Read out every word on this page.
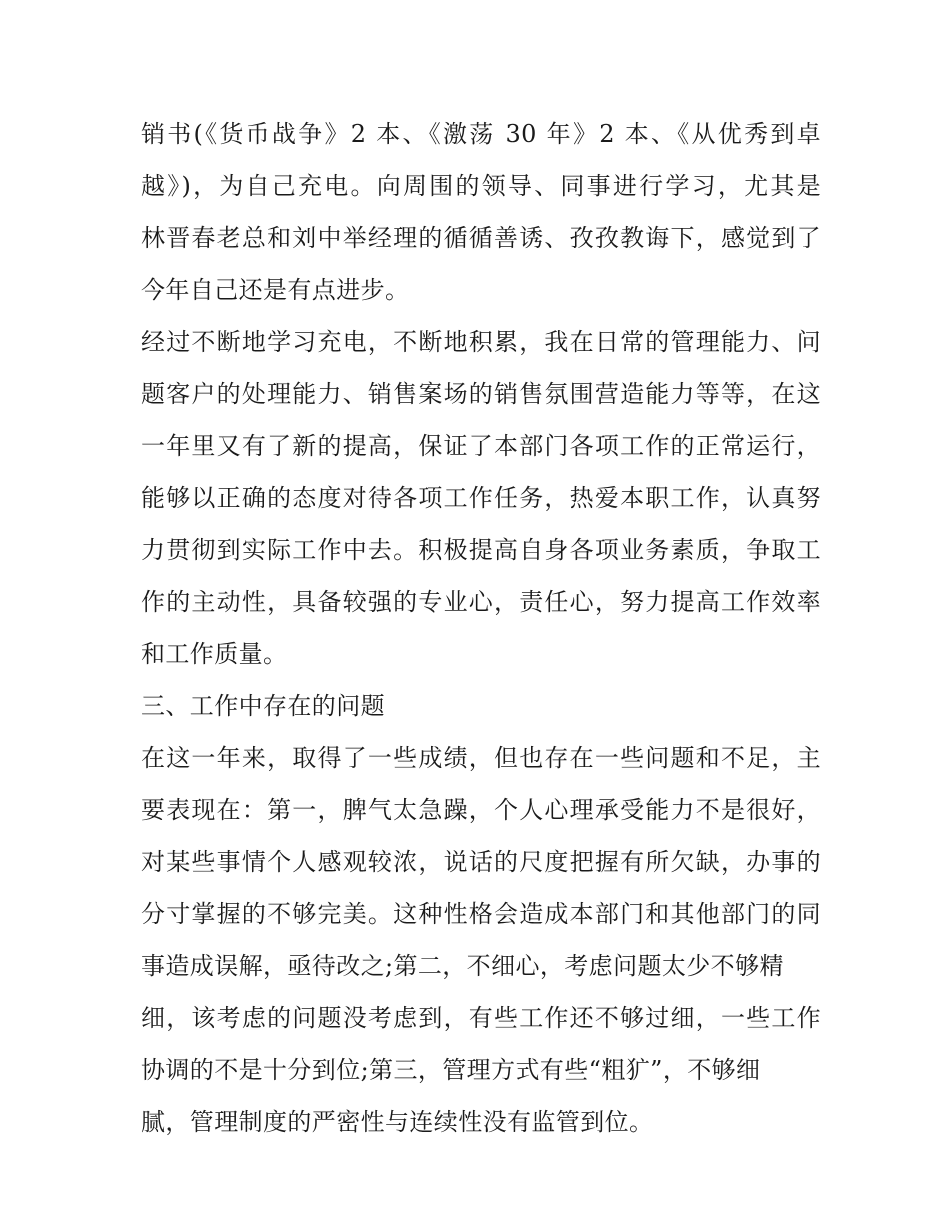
销书(《货币战争》2 本、《激荡 30 年》2 本、《从优秀到卓
越》)，为自己充电。向周围的领导、同事进行学习，尤其是
林晋春老总和刘中举经理的循循善诱、孜孜教诲下，感觉到了
今年自己还是有点进步。
经过不断地学习充电，不断地积累，我在日常的管理能力、问
题客户的处理能力、销售案场的销售氛围营造能力等等，在这
一年里又有了新的提高，保证了本部门各项工作的正常运行，
能够以正确的态度对待各项工作任务，热爱本职工作，认真努
力贯彻到实际工作中去。积极提高自身各项业务素质，争取工
作的主动性，具备较强的专业心，责任心，努力提高工作效率
和工作质量。
三、工作中存在的问题
在这一年来，取得了一些成绩，但也存在一些问题和不足，主
要表现在：第一，脾气太急躁，个人心理承受能力不是很好，
对某些事情个人感观较浓，说话的尺度把握有所欠缺，办事的
分寸掌握的不够完美。这种性格会造成本部门和其他部门的同
事造成误解，亟待改之;第二，不细心，考虑问题太少不够精
细，该考虑的问题没考虑到，有些工作还不够过细，一些工作
协调的不是十分到位;第三，管理方式有些“粗犷”，不够细
腻，管理制度的严密性与连续性没有监管到位。
